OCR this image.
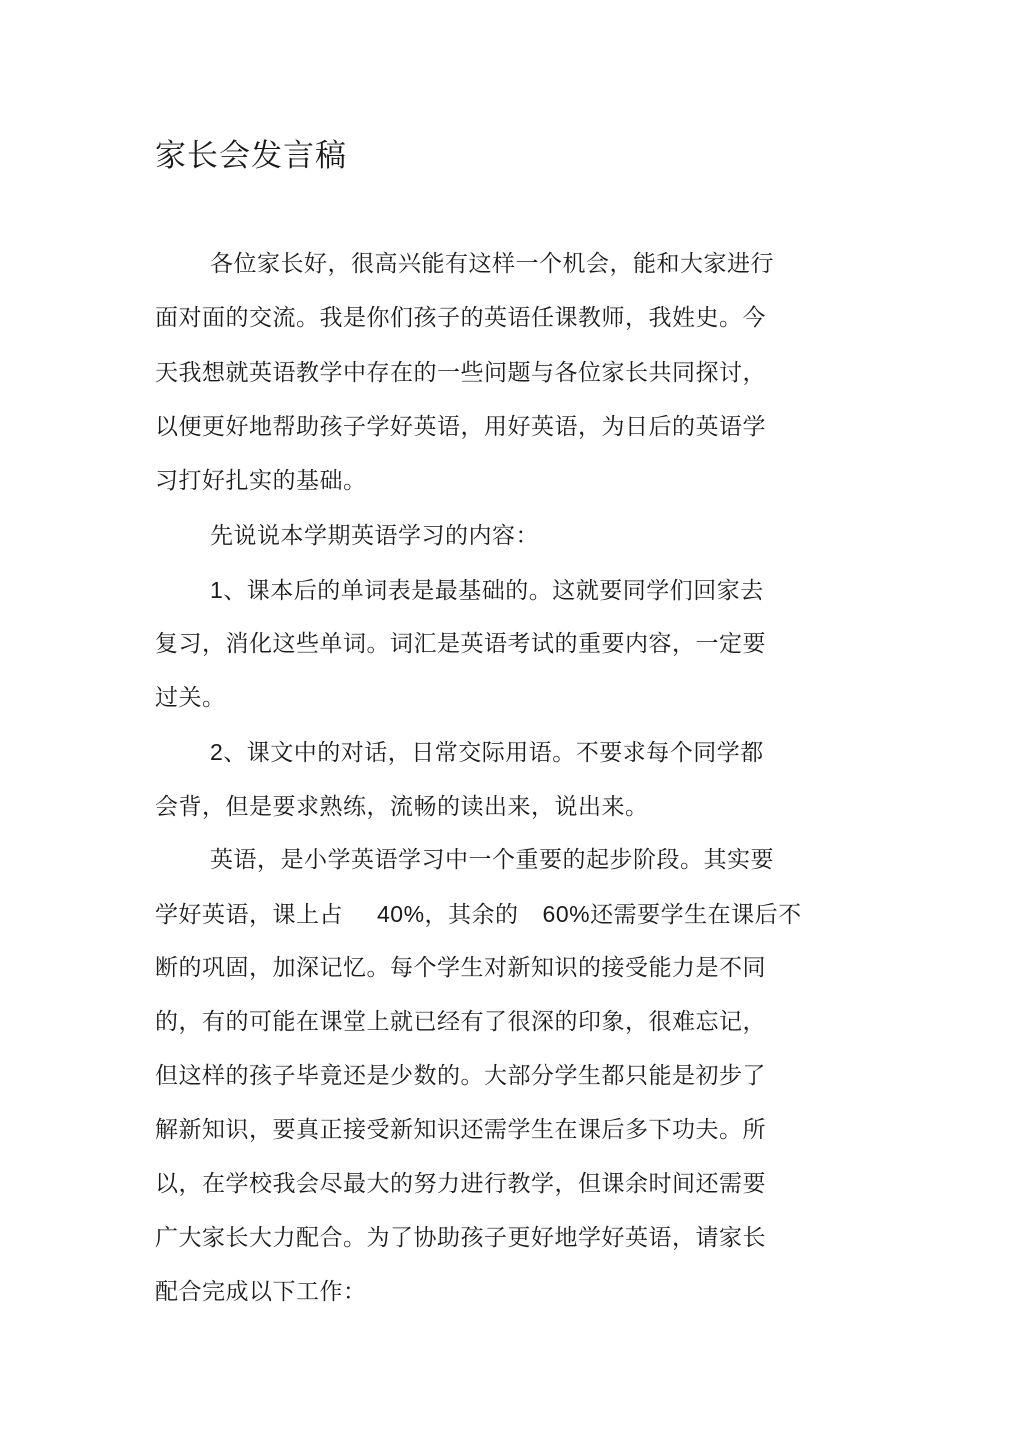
家长会发言稿
各位家长好，很高兴能有这样一个机会，能和大家进行
面对面的交流。我是你们孩子的英语任课教师，我姓史。今
天我想就英语教学中存在的一些问题与各位家长共同探讨，
以便更好地帮助孩子学好英语，用好英语，为日后的英语学
习打好扎实的基础。
先说说本学期英语学习的内容：
1、课本后的单词表是最基础的。这就要同学们回家去
复习，消化这些单词。词汇是英语考试的重要内容，一定要
过关。
2、课文中的对话，日常交际用语。不要求每个同学都
会背，但是要求熟练，流畅的读出来，说出来。
英语，是小学英语学习中一个重要的起步阶段。其实要
学好英语，课上占 40%，其余的 60%还需要学生在课后不
断的巩固，加深记忆。每个学生对新知识的接受能力是不同
的，有的可能在课堂上就已经有了很深的印象，很难忘记，
但这样的孩子毕竟还是少数的。大部分学生都只能是初步了
解新知识，要真正接受新知识还需学生在课后多下功夫。所
以，在学校我会尽最大的努力进行教学，但课余时间还需要
广大家长大力配合。为了协助孩子更好地学好英语，请家长
配合完成以下工作：
